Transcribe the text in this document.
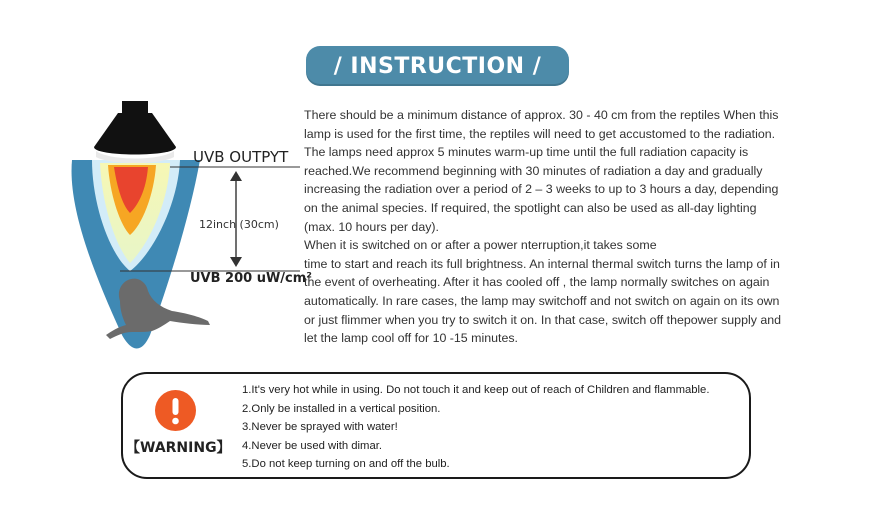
/ INSTRUCTION /
UVB OUTPYT
12inch (30cm)
UVB 200 uW/cm²

There should be a minimum distance of approx. 30 - 40 cm from the reptiles When this

lamp is used for the first time, the reptiles will need to get accustomed to the radiation.

The lamps need approx 5 minutes warm-up time until the full radiation capacity is

reached.We recommend beginning with 30 minutes of radiation a day and gradually

increasing the radiation over a period of 2 – 3 weeks to up to 3 hours a day, depending

on the animal species. If required, the spotlight can also be used as all-day lighting

(max. 10 hours per day).

When it is switched on or after a power nterruption,it takes some

time to start and reach its full brightness. An internal thermal switch turns the lamp of in

the event of overheating. After it has cooled off , the lamp normally switches on again

automatically. In rare cases, the lamp may switchoff and not switch on again on its own

or just flimmer when you try to switch it on. In that case, switch off thepower supply and

let the lamp cool off for 10 -15 minutes.

【WARNING】
1.It's very hot while in using. Do not touch it and keep out of reach of Children and flammable.
2.Only be installed in a vertical position.
3.Never be sprayed with water!
4.Never be used with dimar.
5.Do not keep turning on and off the bulb.
